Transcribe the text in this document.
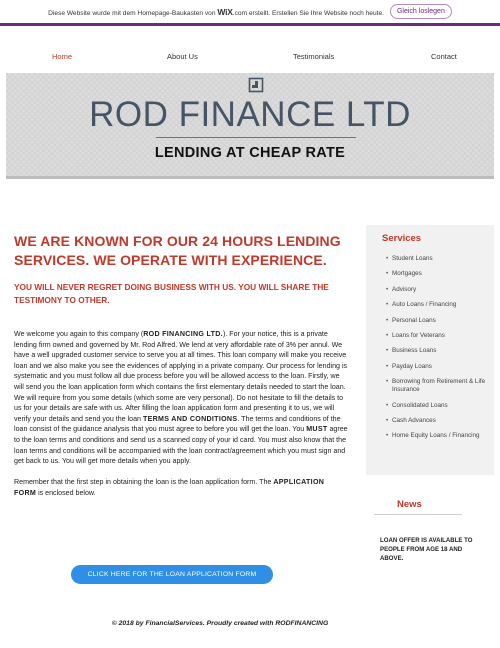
Diese Website wurde mit dem Homepage-Baukasten von WiX.com erstellt. Erstellen Sie Ihre Website noch heute.	Gleich loslegen
Home	About Us	Testimonials	Contact
ROD FINANCE LTD
LENDING AT CHEAP RATE
WE ARE KNOWN FOR OUR 24 HOURS LENDING SERVICES. WE OPERATE WITH EXPERIENCE.
YOU WILL NEVER REGRET DOING BUSINESS WITH US. YOU WILL SHARE THE TESTIMONY TO OTHER.

We welcome you again to this company (ROD FINANCING LTD.). For your notice, this is a private lending firm owned and governed by Mr. Rod Alfred. We lend at very affordable rate of 3% per annul. We have a well upgraded customer service to serve you at all times. This loan company will make you receive loan and we also make you see the evidences of applying in a private company. Our process for lending is systematic and you must follow all due process before you will be allowed access to the loan. Firstly, we will send you the loan application form which contains the first elementary details needed to start the loan. We will require from you some details (which some are very personal). Do not hesitate to fill the details to us for your details are safe with us. After filling the loan application form and presenting it to us, we will verify your details and send you the loan TERMS AND CONDITIONS. The terms and conditions of the loan consist of the guidance analysis that you must agree to before you will get the loan. You MUST agree to the loan terms and conditions and send us a scanned copy of your id card. You must also know that the loan terms and conditions will be accompanied with the loan contract/agreement which you must sign and get back to us. You will get more details when you apply.

Remember that the first step in obtaining the loan is the loan application form. The APPLICATION FORM is enclosed below.

CLICK HERE FOR THE LOAN APPLICATION FORM
© 2018 by FinancialServices. Proudly created with RODFINANCING
Services
• Student Loans
• Mortgages
• Advisory
• Auto Loans / Financing
• Personal Loans
• Loans for Veterans
• Business Loans
• Payday Loans
• Borrowing from Retirement & Life Insurance
• Consolidated Loans
• Cash Advances
• Home Equity Loans / Financing
News
LOAN OFFER IS AVAILABLE TO PEOPLE FROM AGE 18 AND ABOVE.
